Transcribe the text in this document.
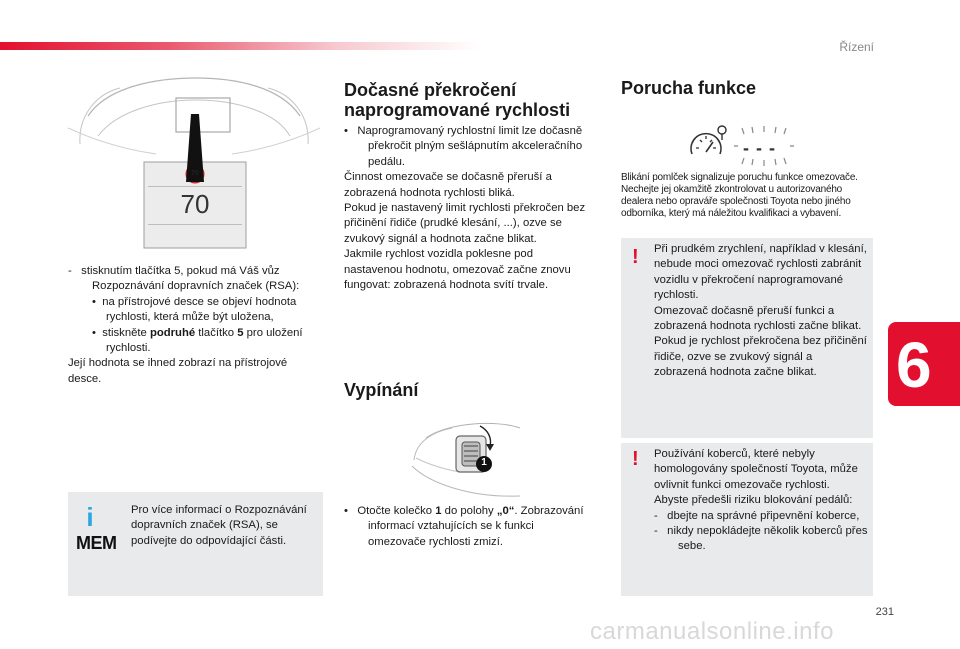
Řízení
70
70
-   stisknutím tlačítka 5, pokud má Váš vůz Rozpoznávání dopravních značek (RSA):
•  na přístrojové desce se objeví hodnota rychlosti, která může být uložena,
•  stiskněte podruhé tlačítko 5 pro uložení rychlosti.
Její hodnota se ihned zobrazí na přístrojové desce.
i
MEM
Pro více informací o Rozpoznávání dopravních značek (RSA), se podívejte do odpovídající části.
Dočasné překročení naprogramované rychlosti
•   Naprogramovaný rychlostní limit lze dočasně překročit plným sešlápnutím akceleračního pedálu.
Činnost omezovače se dočasně přeruší a zobrazená hodnota rychlosti bliká.
Pokud je nastavený limit rychlosti překročen bez přičinění řidiče (prudké klesání, ...), ozve se zvukový signál a hodnota začne blikat.
Jakmile rychlost vozidla poklesne pod nastavenou hodnotu, omezovač začne znovu fungovat: zobrazená hodnota svítí trvale.
Vypínání
1
•   Otočte kolečko 1 do polohy „0“. Zobrazování informací vztahujících se k funkci omezovače rychlosti zmizí.
Porucha funkce
- - -
Blikání pomlček signalizuje poruchu funkce omezovače.
Nechejte jej okamžitě zkontrolovat u autorizovaného dealera nebo opraváře společnosti Toyota nebo jiného odborníka, který má náležitou kvalifikaci a vybavení.
! Při prudkém zrychlení, například v klesání, nebude moci omezovač rychlosti zabránit vozidlu v překročení naprogramované rychlosti.
Omezovač dočasně přeruší funkci a zobrazená hodnota rychlosti začne blikat.
Pokud je rychlost překročena bez přičinění řidiče, ozve se zvukový signál a zobrazená hodnota začne blikat.
! Používání koberců, které nebyly homologovány společností Toyota, může ovlivnit funkci omezovače rychlosti.
Abyste předešli riziku blokování pedálů:
-   dbejte na správné připevnění koberce,
-   nikdy nepokládejte několik koberců přes sebe.
6
231
carmanualsonline.info
